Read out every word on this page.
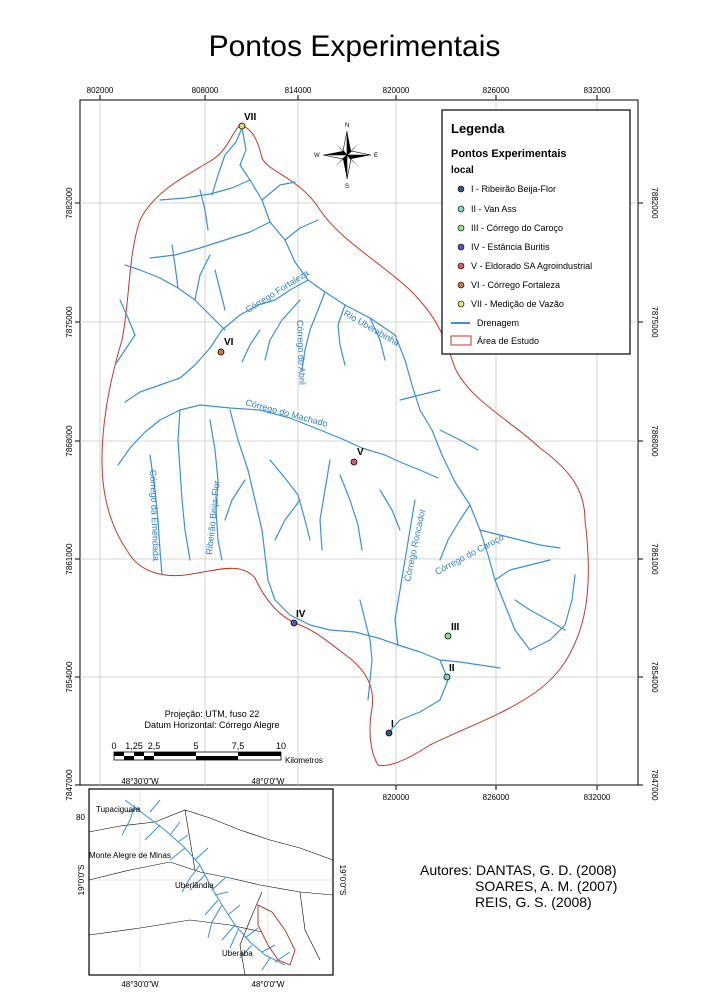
Pontos Experimentais
802000	808000	814000	820000	826000	832000
820000	826000	832000
7882000
7875000
7868000
7861000
7854000
7847000
7882000
7875000
7868000
7861000
7854000
7847000
Córrego Fortaleza
Córrego do Abril	Rio Uberabinha
Córrego do Machado
Córrego da Emendada	Ribeirão Beija-Flor	Córrego Roncador Córrego do Caroço
I
II
III
IV
V
VI
VII
N
S
E
W
Legenda
Pontos Experimentais
local
I - Ribeirão Beija-Flor
II - Van Ass
III - Córrego do Caroço
IV - Estância Buritis
V - Eldorado SA Agroindustrial
VI - Córrego Fortaleza
VII - Medição de Vazão
Drenagem
Área de Estudo
Projeção: UTM, fuso 22
Datum Horizontal: Córrego Alegre
0 1,25 2,5	5	7,5	10
Kilometros
80
48°30'0"W	48°0'0"W
48°30'0"W	48°0'0"W
19°0'0"S	19°0'0"S
Tupaciguara
Monte Alegre de Minas
Uberlândia
Uberaba
Autores: DANTAS, G. D. (2008)
SOARES, A. M. (2007)
REIS, G. S. (2008)
